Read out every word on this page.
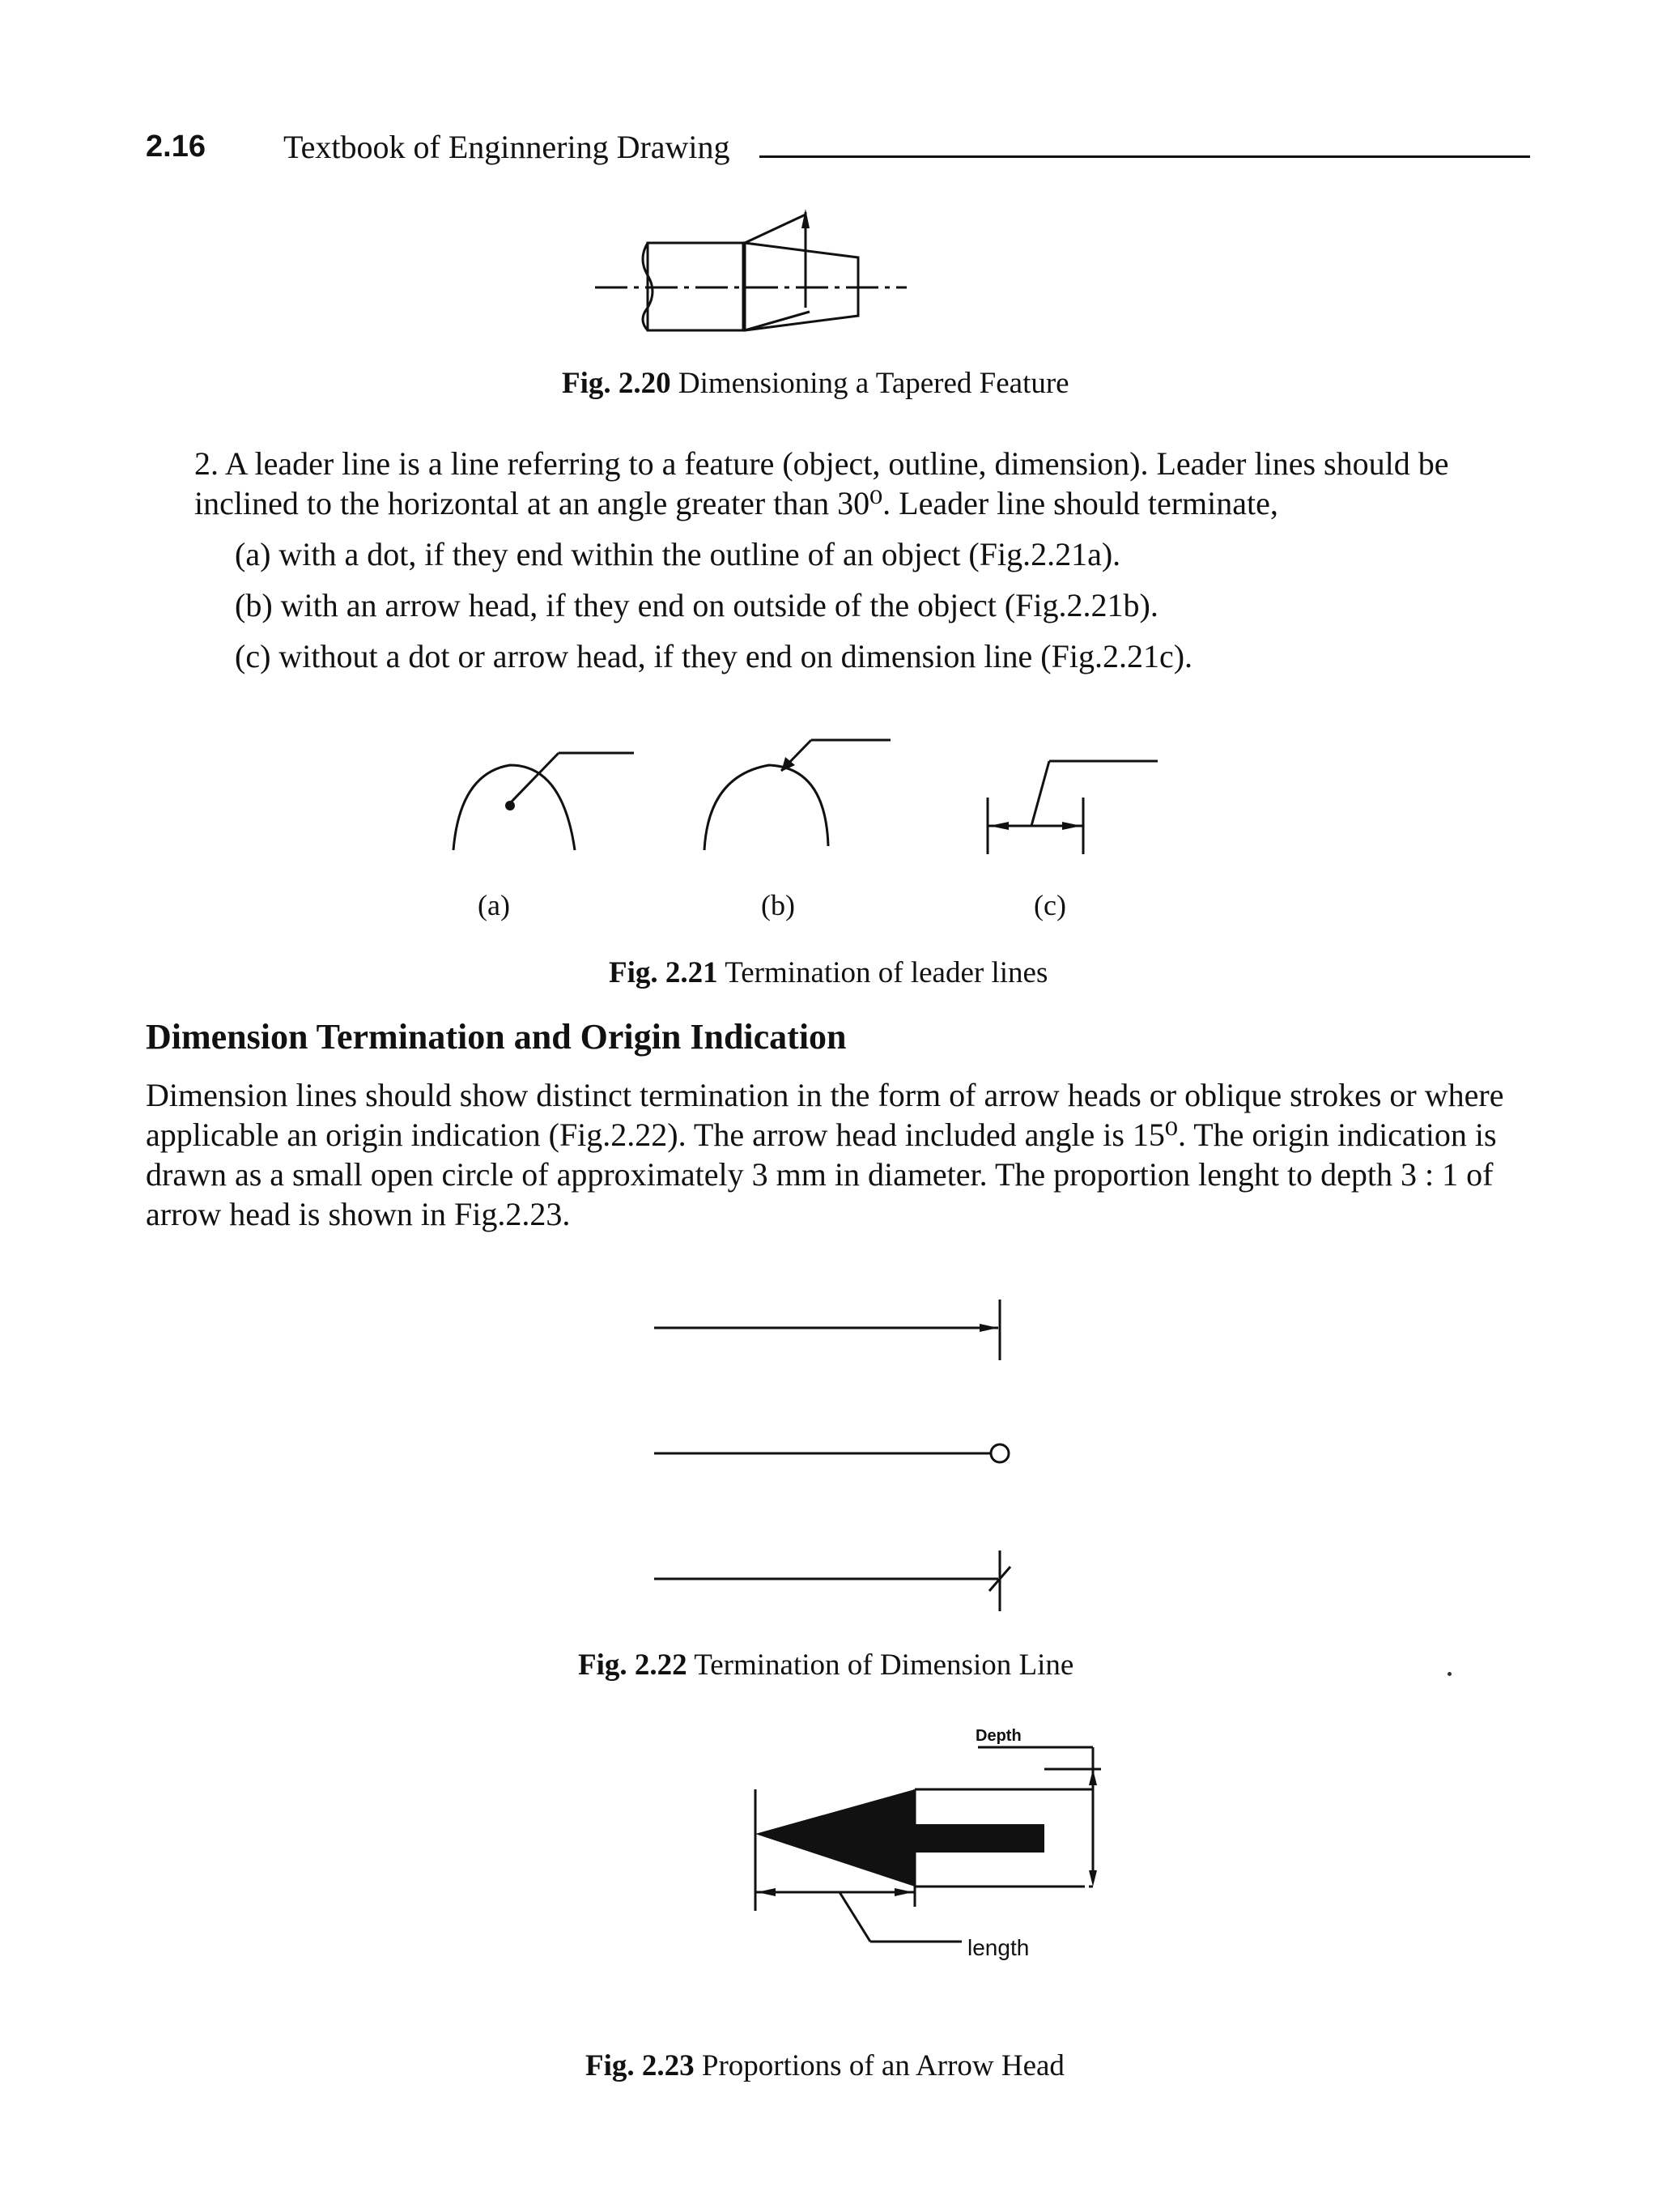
2.16 Textbook of Enginnering Drawing
Fig. 2.20 Dimensioning a Tapered Feature
2. A leader line is a line referring to a feature (object, outline, dimension). Leader lines should be inclined to the horizontal at an angle greater than 30⁰. Leader line should terminate,
(a) with a dot, if they end within the outline of an object (Fig.2.21a).
(b) with an arrow head, if they end on outside of the object (Fig.2.21b).
(c) without a dot or arrow head, if they end on dimension line (Fig.2.21c).
(a)	(b)	(c)
Fig. 2.21 Termination of leader lines
Dimension Termination and Origin Indication
Dimension lines should show distinct termination in the form of arrow heads or oblique strokes or where applicable an origin indication (Fig.2.22). The arrow head included angle is 15⁰. The origin indication is drawn as a small open circle of approximately 3 mm in diameter. The proportion lenght to depth 3 : 1 of arrow head is shown in Fig.2.23.
Fig. 2.22 Termination of Dimension Line
Depth
length
Fig. 2.23 Proportions of an Arrow Head
